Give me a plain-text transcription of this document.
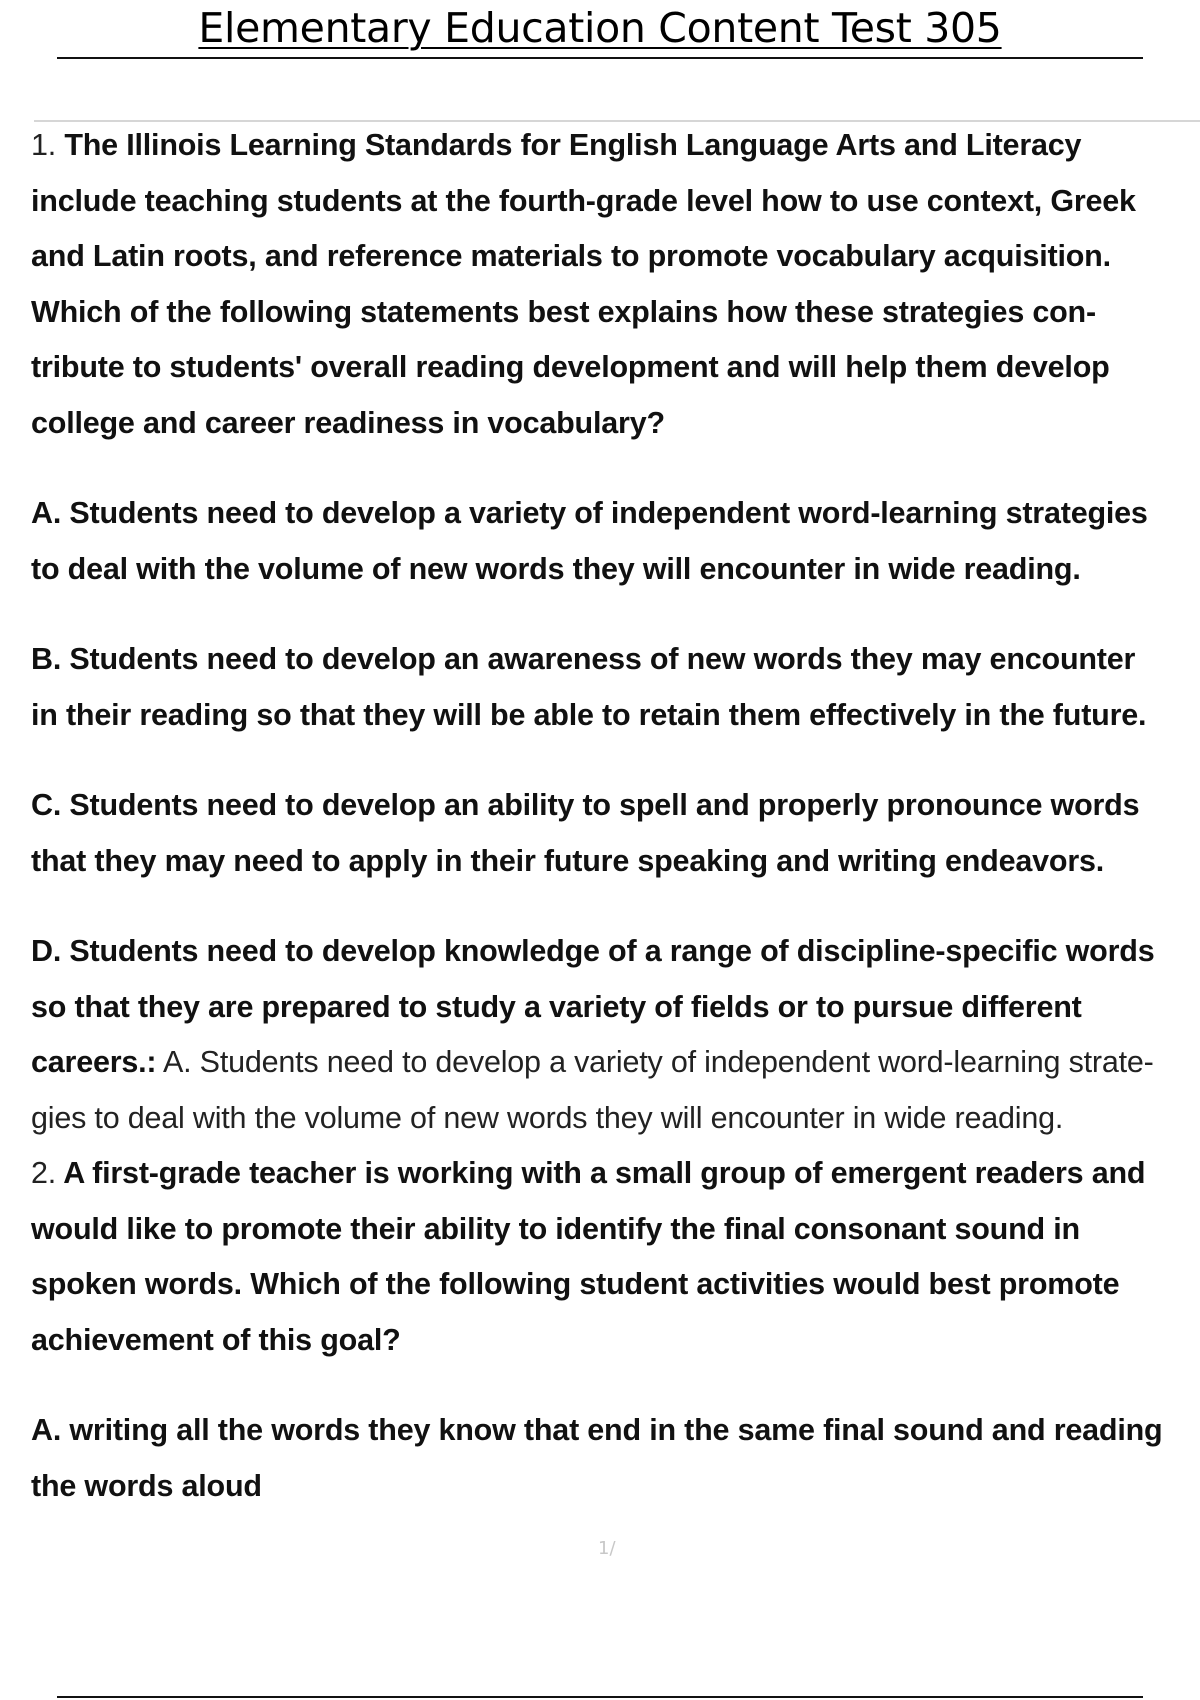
Elementary Education Content Test 305
1. The Illinois Learning Standards for English Language Arts and Literacy
include teaching students at the fourth-grade level how to use context, Greek
and Latin roots, and reference materials to promote vocabulary acquisition.
Which of the following statements best explains how these strategies con-
tribute to students' overall reading development and will help them develop
college and career readiness in vocabulary?
A. Students need to develop a variety of independent word-learning strategies
to deal with the volume of new words they will encounter in wide reading.
B. Students need to develop an awareness of new words they may encounter
in their reading so that they will be able to retain them effectively in the future.
C. Students need to develop an ability to spell and properly pronounce words
that they may need to apply in their future speaking and writing endeavors.
D. Students need to develop knowledge of a range of discipline-specific words
so that they are prepared to study a variety of fields or to pursue different
careers.: A. Students need to develop a variety of independent word-learning strate-
gies to deal with the volume of new words they will encounter in wide reading.
2. A first-grade teacher is working with a small group of emergent readers and
would like to promote their ability to identify the final consonant sound in
spoken words. Which of the following student activities would best promote
achievement of this goal?
A. writing all the words they know that end in the same final sound and reading
the words aloud
1/
